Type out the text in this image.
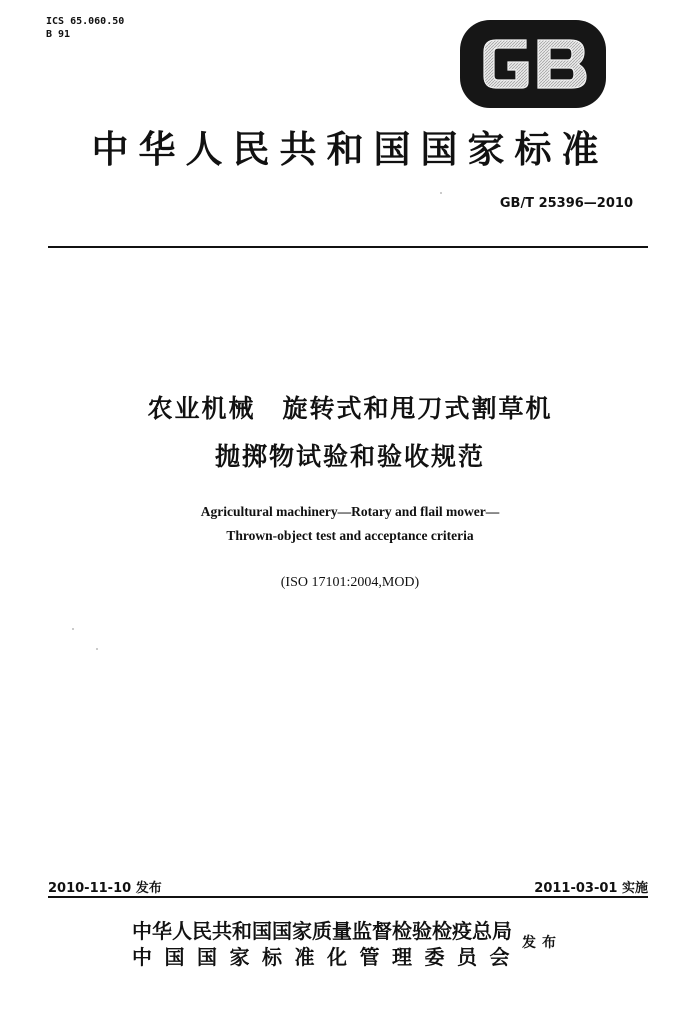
ICS 65.060.50
B 91
中华人民共和国国家标准
GB/T 25396—2010
农业机械　旋转式和甩刀式割草机
抛掷物试验和验收规范
Agricultural machinery—Rotary and flail mower—
Thrown-object test and acceptance criteria
(ISO 17101:2004,MOD)
2010-11-10 发布	2011-03-01 实施
中华人民共和国国家质量监督检验检疫总局
中国国家标准化管理委员会
发布
